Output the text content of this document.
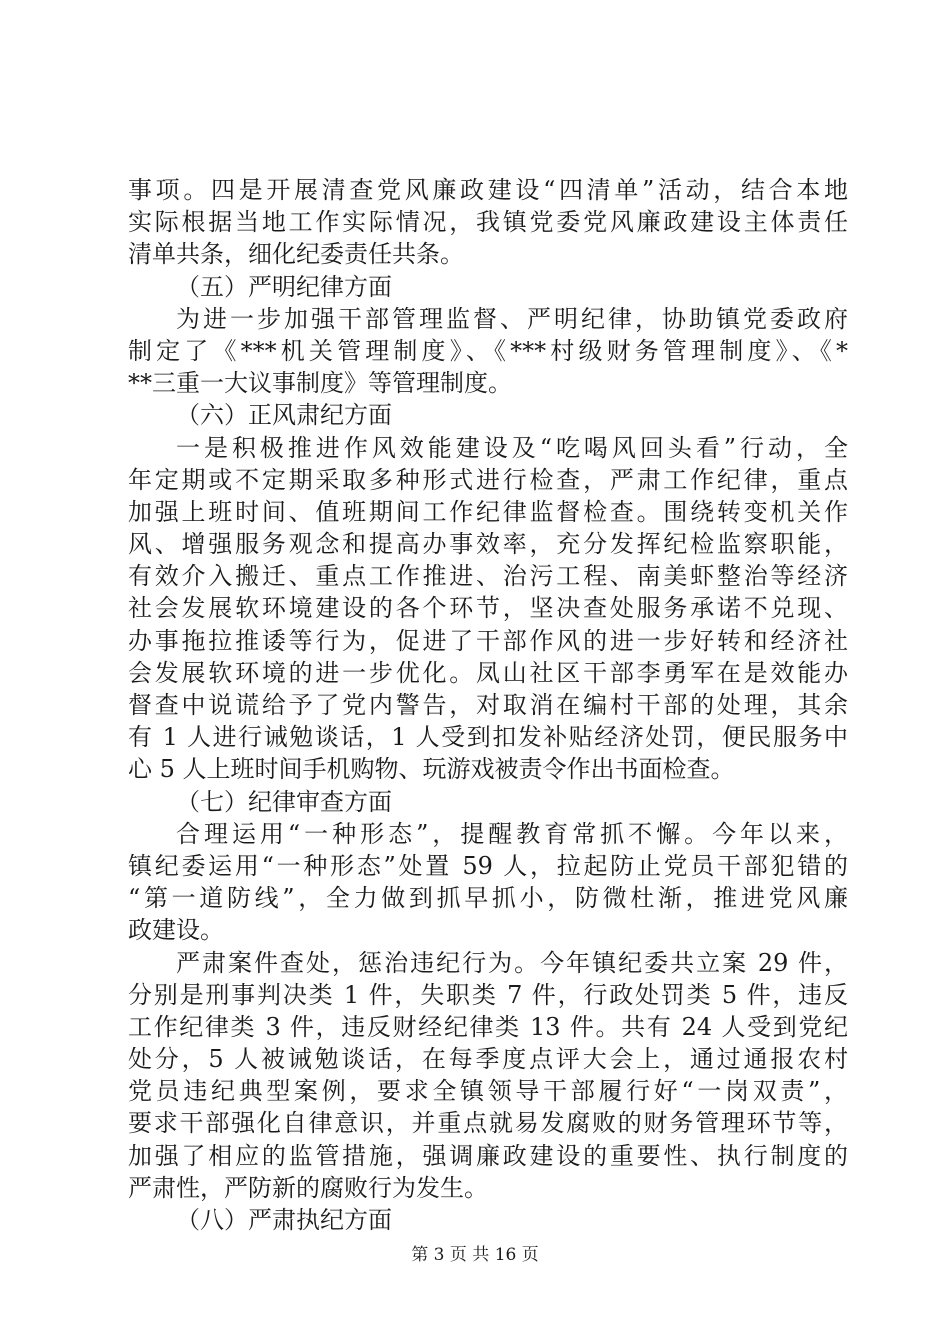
事项。四是开展清查党风廉政建设“四清单”活动，结合本地
实际根据当地工作实际情况，我镇党委党风廉政建设主体责任
清单共条，细化纪委责任共条。
（五）严明纪律方面
为进一步加强干部管理监督、严明纪律，协助镇党委政府
制定了《***机关管理制度》、《***村级财务管理制度》、《*
**三重一大议事制度》等管理制度。
（六）正风肃纪方面
一是积极推进作风效能建设及“吃喝风回头看”行动，全
年定期或不定期采取多种形式进行检查，严肃工作纪律，重点
加强上班时间、值班期间工作纪律监督检查。围绕转变机关作
风、增强服务观念和提高办事效率，充分发挥纪检监察职能，
有效介入搬迁、重点工作推进、治污工程、南美虾整治等经济
社会发展软环境建设的各个环节，坚决查处服务承诺不兑现、
办事拖拉推诿等行为，促进了干部作风的进一步好转和经济社
会发展软环境的进一步优化。凤山社区干部李勇军在是效能办
督查中说谎给予了党内警告，对取消在编村干部的处理，其余
有 1 人进行诫勉谈话，1 人受到扣发补贴经济处罚，便民服务中
心 5 人上班时间手机购物、玩游戏被责令作出书面检查。
（七）纪律审查方面
合理运用“一种形态”，提醒教育常抓不懈。今年以来，
镇纪委运用“一种形态”处置 59 人，拉起防止党员干部犯错的
“第一道防线”，全力做到抓早抓小，防微杜渐，推进党风廉
政建设。
严肃案件查处，惩治违纪行为。今年镇纪委共立案 29 件，
分别是刑事判决类 1 件，失职类 7 件，行政处罚类 5 件，违反
工作纪律类 3 件，违反财经纪律类 13 件。共有 24 人受到党纪
处分，5 人被诫勉谈话，在每季度点评大会上，通过通报农村
党员违纪典型案例，要求全镇领导干部履行好“一岗双责”，
要求干部强化自律意识，并重点就易发腐败的财务管理环节等，
加强了相应的监管措施，强调廉政建设的重要性、执行制度的
严肃性，严防新的腐败行为发生。
（八）严肃执纪方面
第 3 页 共 16 页
